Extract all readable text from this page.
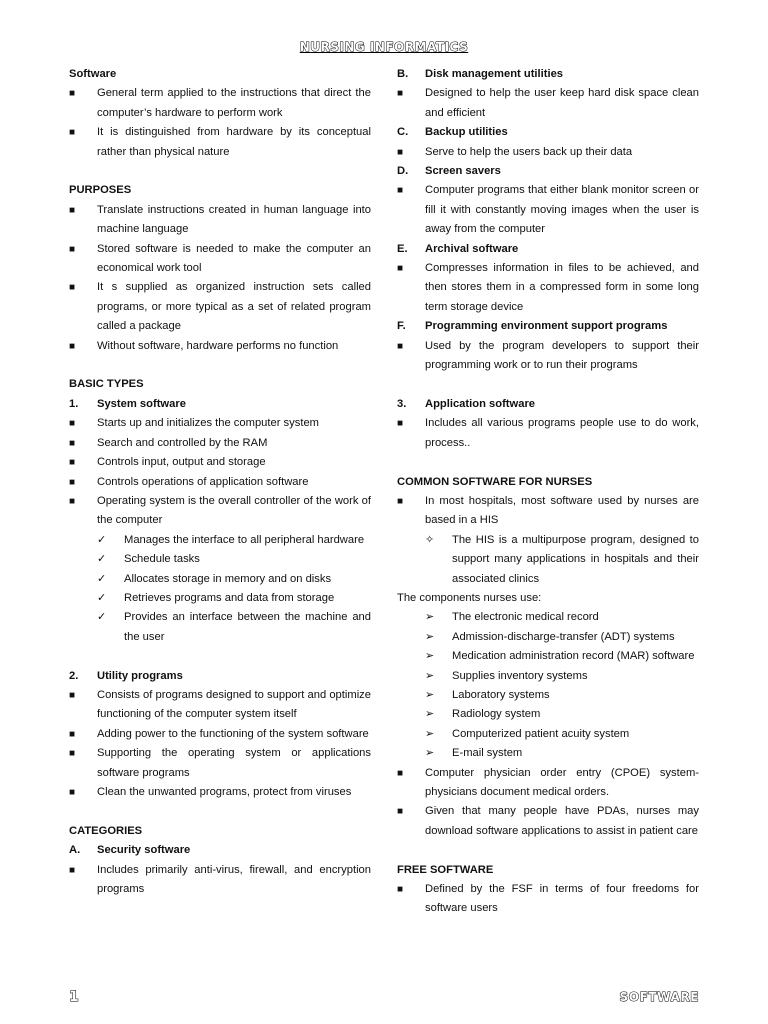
NURSING INFORMATICS
Software
■ General term applied to the instructions that direct the computer’s hardware to perform work
■ It is distinguished from hardware by its conceptual rather than physical nature
PURPOSES
■ Translate instructions created in human language into machine language
■ Stored software is needed to make the computer an economical work tool
■ It s supplied as organized instruction sets called programs, or more typical as a set of related program called a package
■ Without software, hardware performs no function
BASIC TYPES
1. System software
■ Starts up and initializes the computer system
■ Search and controlled by the RAM
■ Controls input, output and storage
■ Controls operations of application software
■ Operating system is the overall controller of the work of the computer
✓ Manages the interface to all peripheral hardware
✓ Schedule tasks
✓ Allocates storage in memory and on disks
✓ Retrieves programs and data from storage
✓ Provides an interface between the machine and the user
2. Utility programs
■ Consists of programs designed to support and optimize functioning of the computer system itself
■ Adding power to the functioning of the system software
■ Supporting the operating system or applications software programs
■ Clean the unwanted programs, protect from viruses
CATEGORIES
A. Security software
■ Includes primarily anti-virus, firewall, and encryption programs
B. Disk management utilities
■ Designed to help the user keep hard disk space clean and efficient
C. Backup utilities
■ Serve to help the users back up their data
D. Screen savers
■ Computer programs that either blank monitor screen or fill it with constantly moving images when the user is away from the computer
E. Archival software
■ Compresses information in files to be achieved, and then stores them in a compressed form in some long term storage device
F. Programming environment support programs
■ Used by the program developers to support their programming work or to run their programs
3. Application software
■ Includes all various programs people use to do work, process..
COMMON SOFTWARE FOR NURSES
■ In most hospitals, most software used by nurses are based in a HIS
✧ The HIS is a multipurpose program, designed to support many applications in hospitals and their associated clinics
The components nurses use:
➢ The electronic medical record
➢ Admission-discharge-transfer (ADT) systems
➢ Medication administration record (MAR) software
➢ Supplies inventory systems
➢ Laboratory systems
➢ Radiology system
➢ Computerized patient acuity system
➢ E-mail system
■ Computer physician order entry (CPOE) system-physicians document medical orders.
■ Given that many people have PDAs, nurses may download software applications to assist in patient care
FREE SOFTWARE
■ Defined by the FSF in terms of four freedoms for software users
1	SOFTWARE
